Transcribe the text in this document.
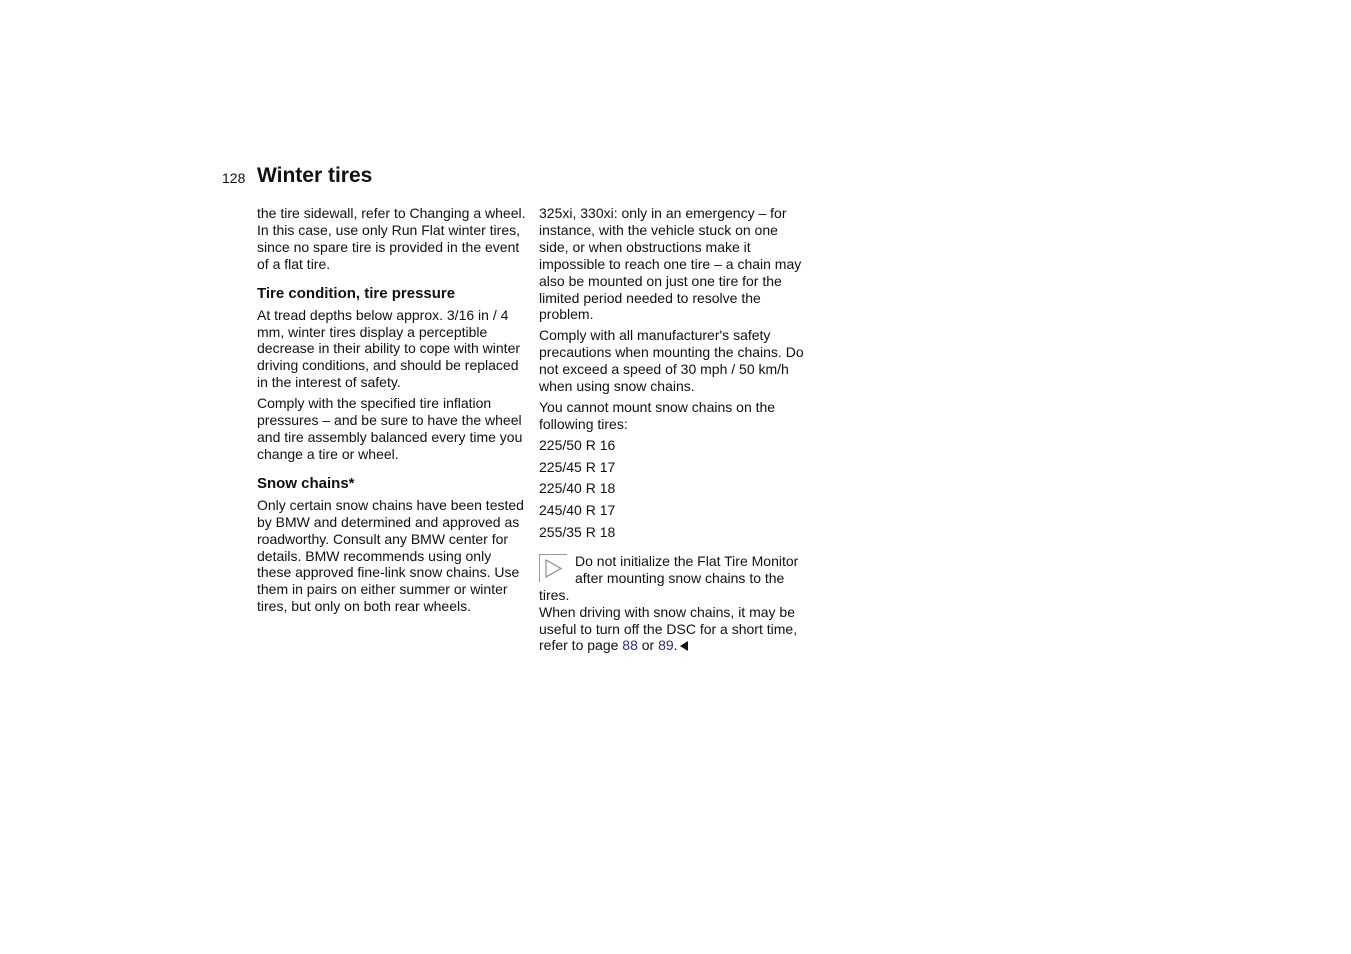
128 Winter tires

the tire sidewall, refer to Changing a wheel. In this case, use only Run Flat winter tires, since no spare tire is provided in the event of a flat tire.

Tire condition, tire pressure

At tread depths below approx. 3/16 in / 4 mm, winter tires display a perceptible decrease in their ability to cope with winter driving conditions, and should be replaced in the interest of safety.

Comply with the specified tire inflation pressures – and be sure to have the wheel and tire assembly balanced every time you change a tire or wheel.

Snow chains*

Only certain snow chains have been tested by BMW and determined and approved as roadworthy. Consult any BMW center for details. BMW recommends using only these approved fine-link snow chains. Use them in pairs on either summer or winter tires, but only on both rear wheels.

325xi, 330xi: only in an emergency – for instance, with the vehicle stuck on one side, or when obstructions make it impossible to reach one tire – a chain may also be mounted on just one tire for the limited period needed to resolve the problem.

Comply with all manufacturer's safety precautions when mounting the chains. Do not exceed a speed of 30 mph / 50 km/h when using snow chains.

You cannot mount snow chains on the following tires:

225/50 R 16
225/45 R 17
225/40 R 18
245/40 R 17
255/35 R 18

Do not initialize the Flat Tire Monitor after mounting snow chains to the tires.

When driving with snow chains, it may be useful to turn off the DSC for a short time, refer to page 88 or 89.
